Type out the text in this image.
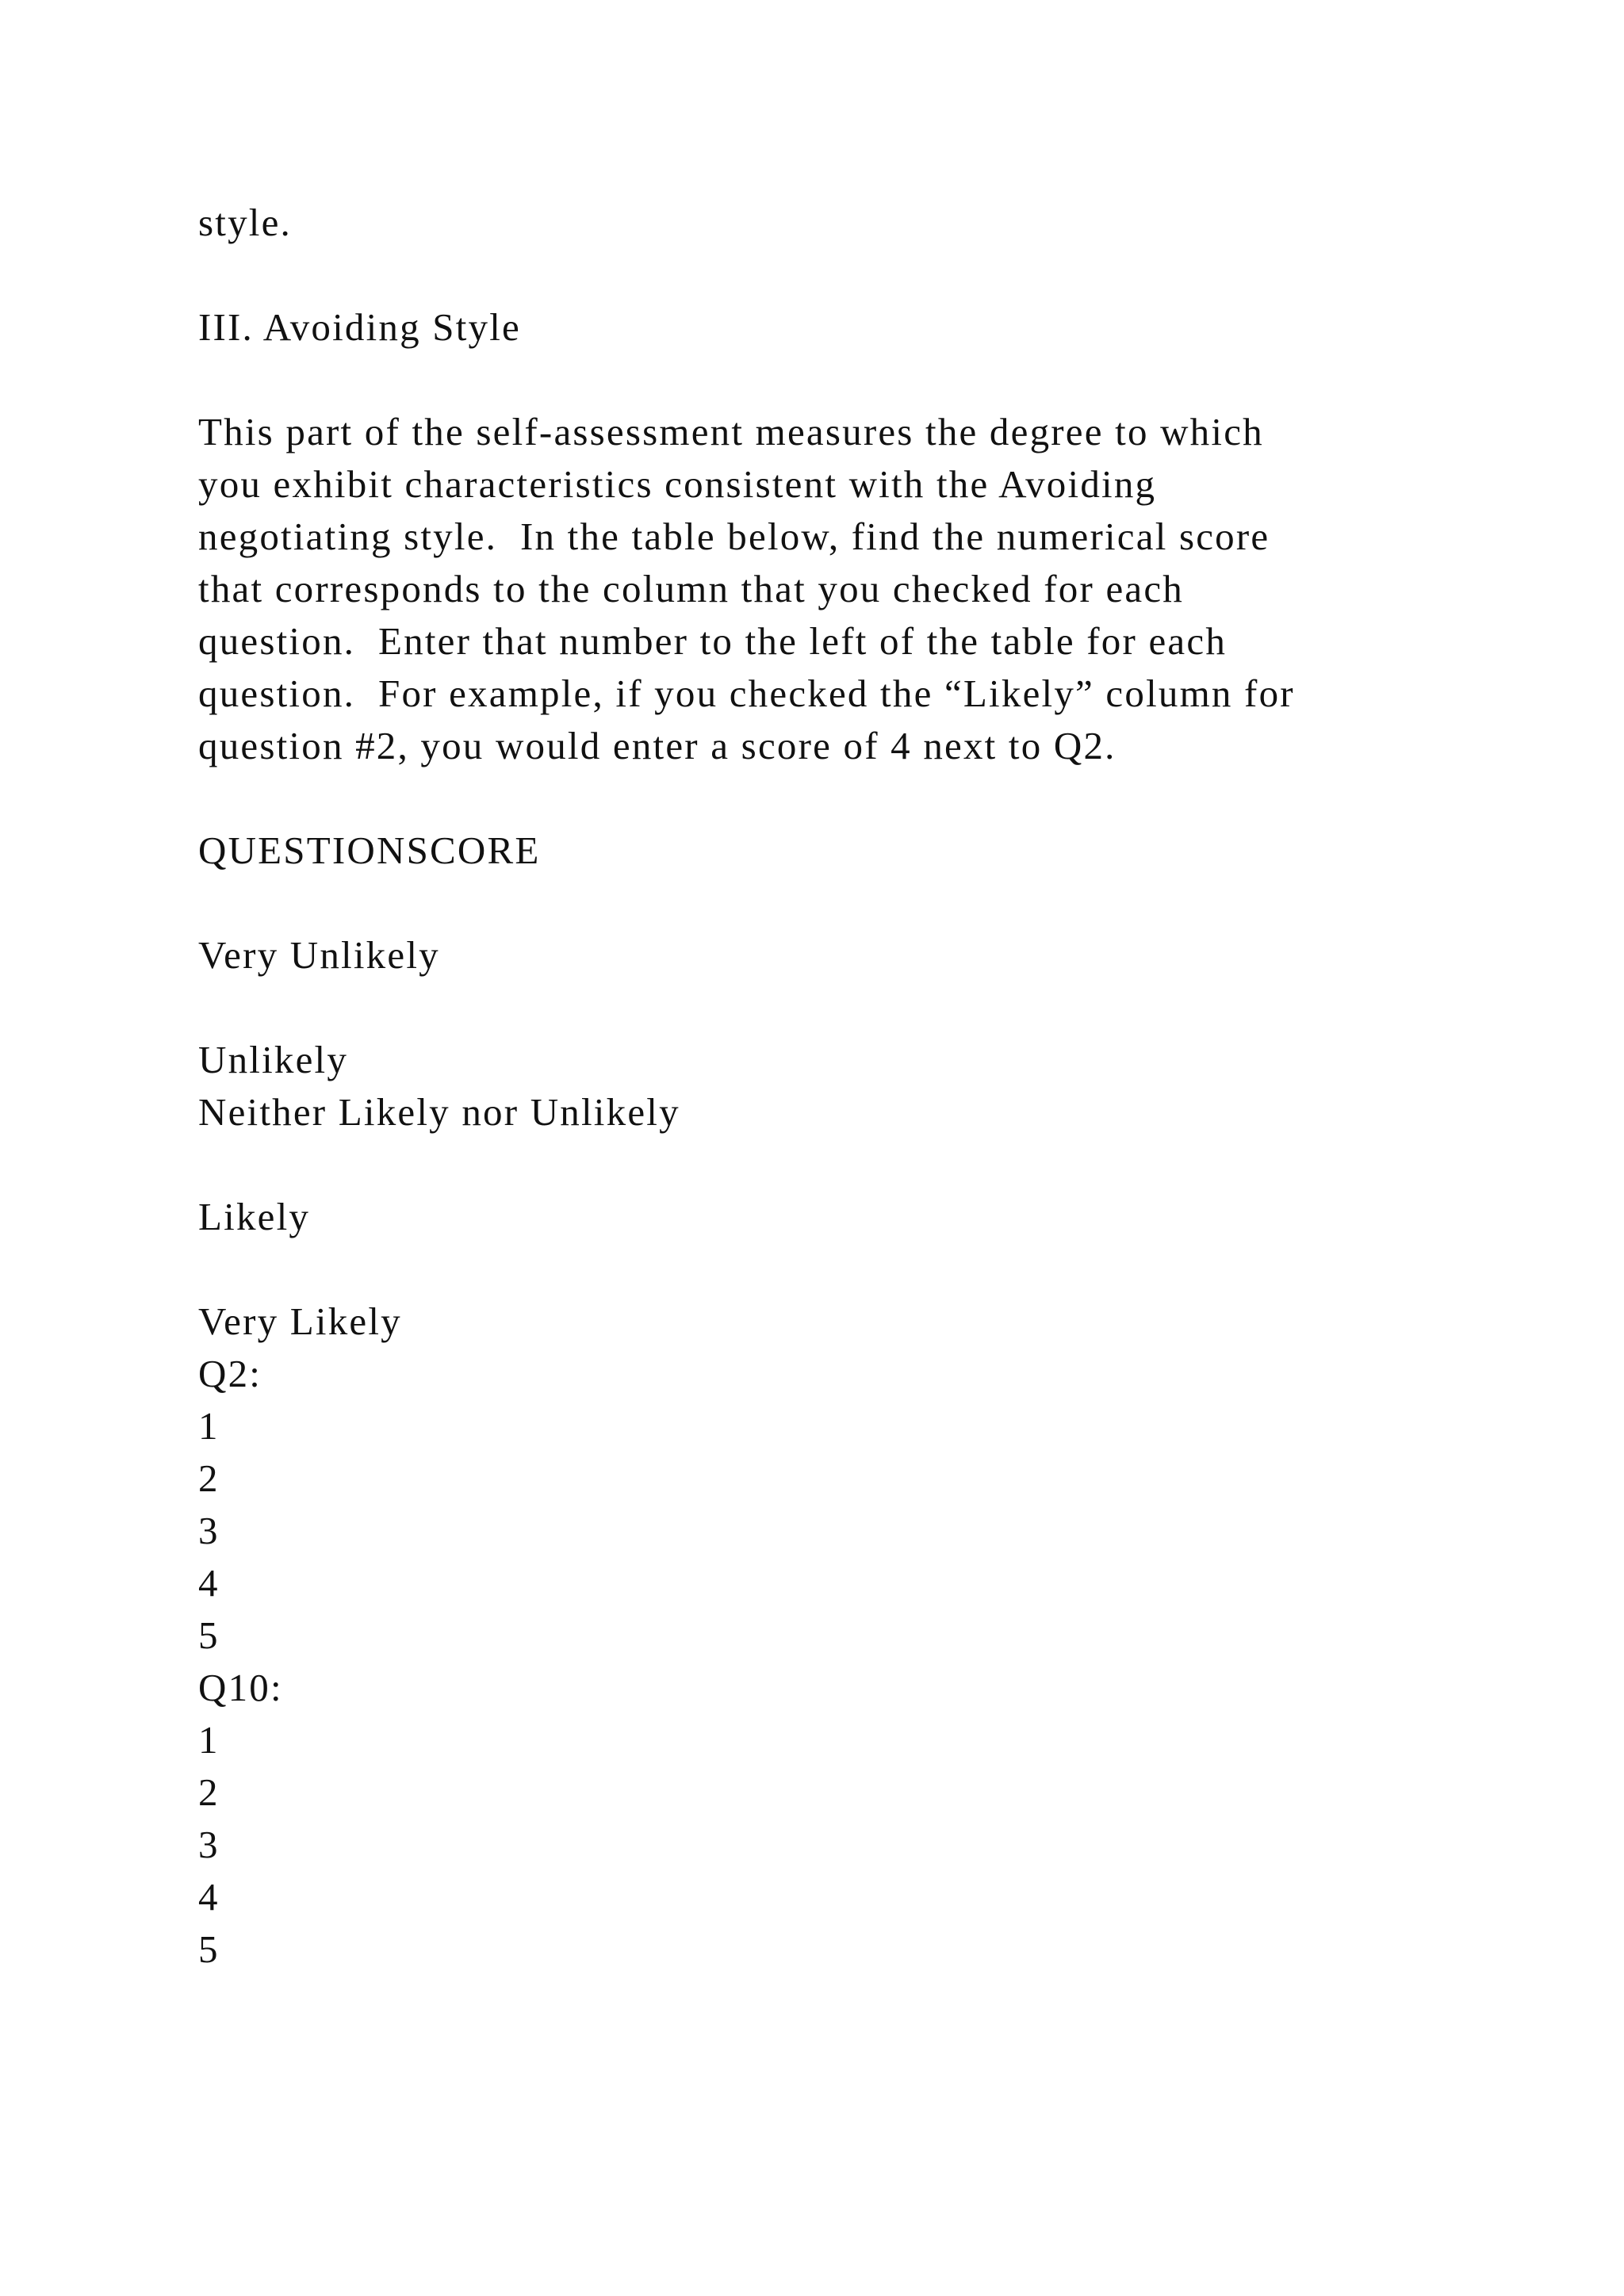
style.
III. Avoiding Style
This part of the self-assessment measures the degree to which
you exhibit characteristics consistent with the Avoiding
negotiating style.  In the table below, find the numerical score
that corresponds to the column that you checked for each
question.  Enter that number to the left of the table for each
question.  For example, if you checked the “Likely” column for
question #2, you would enter a score of 4 next to Q2.
QUESTIONSCORE
Very Unlikely
Unlikely
Neither Likely nor Unlikely
Likely
Very Likely
Q2:
1
2
3
4
5
Q10:
1
2
3
4
5
